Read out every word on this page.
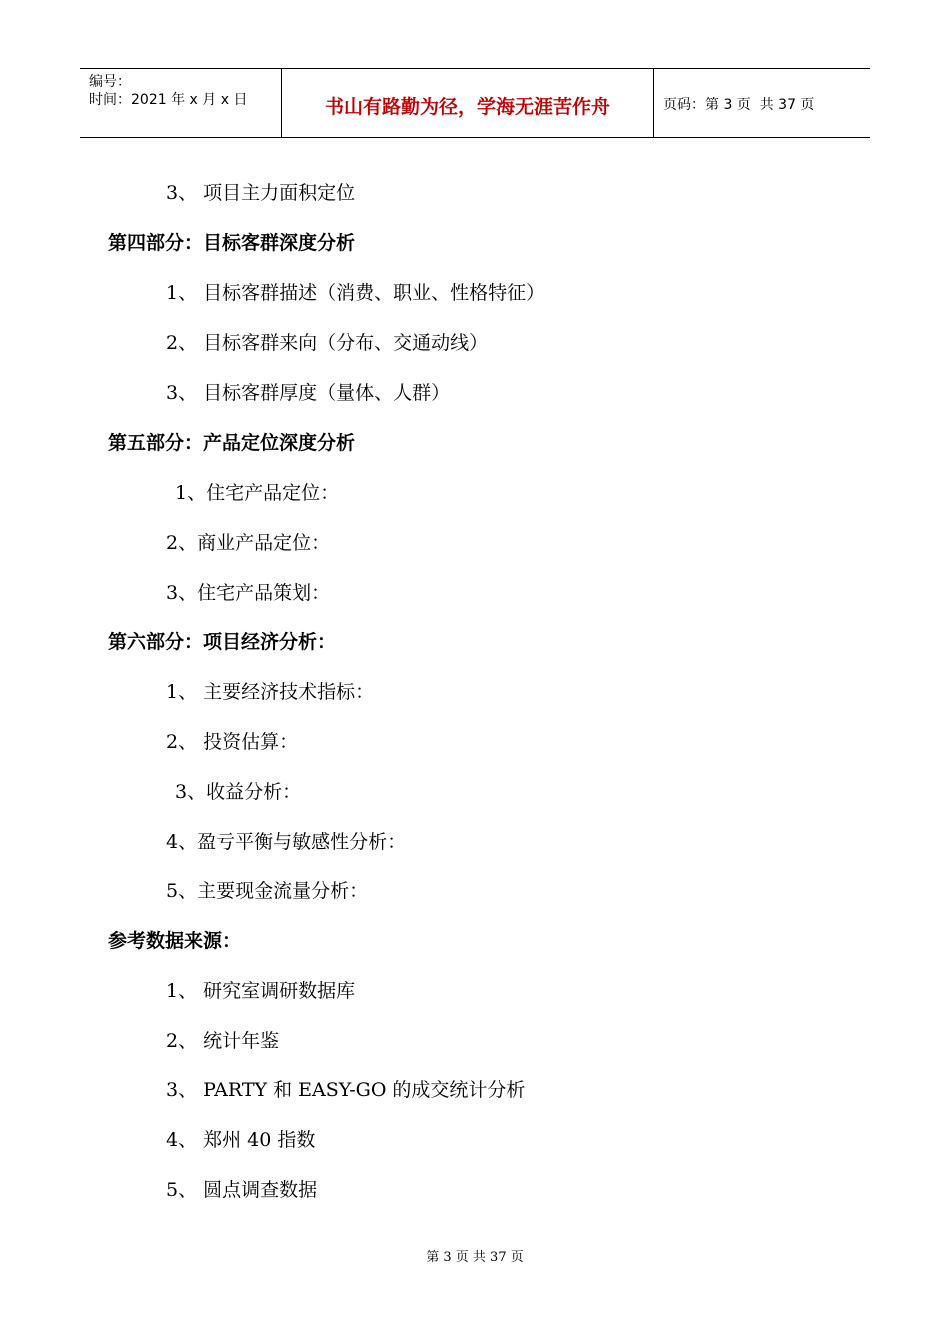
编号：
时间：2021 年 x 月 x 日	书山有路勤为径，学海无涯苦作舟	页码：第 3 页  共 37 页
3、 项目主力面积定位
第四部分：目标客群深度分析
1、 目标客群描述（消费、职业、性格特征）
2、 目标客群来向（分布、交通动线）
3、 目标客群厚度（量体、人群）
第五部分：产品定位深度分析
1、住宅产品定位：
2、商业产品定位：
3、住宅产品策划：
第六部分：项目经济分析：
1、 主要经济技术指标：
2、 投资估算：
3、收益分析：
4、盈亏平衡与敏感性分析：
5、主要现金流量分析：
参考数据来源：
1、 研究室调研数据库
2、 统计年鉴
3、 PARTY 和 EASY-GO 的成交统计分析
4、 郑州 40 指数
5、 圆点调查数据
第 3 页 共 37 页
